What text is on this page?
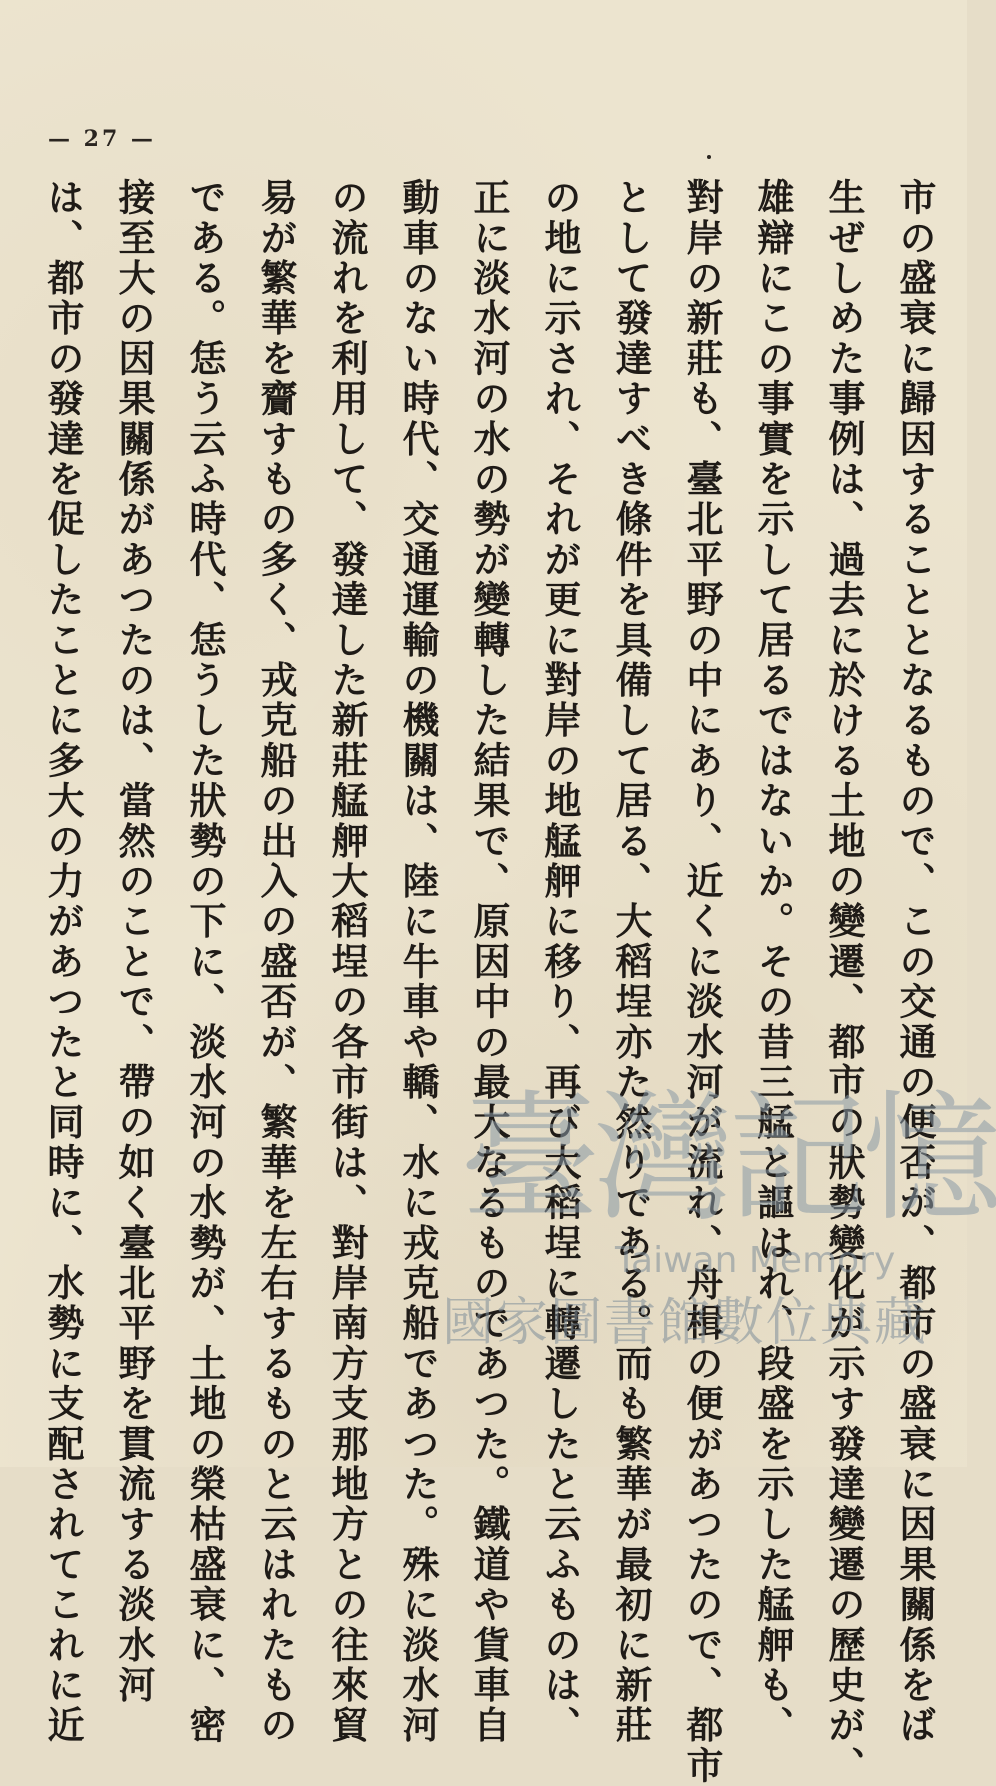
— 27 —
市の盛衰に歸因することとなるもので、この交通の便否が、都市の盛衰に因果關係をば
生ぜしめた事例は、過去に於ける土地の變遷、都市の狀勢變化が示す發達變遷の歷史が、
雄辯にこの事實を示して居るではないか。その昔三艋と謳はれ、段盛を示した艋舺も、
對岸の新莊も、臺北平野の中にあり、近くに淡水河が流れ、舟楫の便があつたので、都市
として發達すべき條件を具備して居る、大稻埕亦た然りである。而も繁華が最初に新莊
の地に示され、それが更に對岸の地艋舺に移り、再び大稻埕に轉遷したと云ふものは、
正に淡水河の水の勢が變轉した結果で、原因中の最大なるものであつた。鐵道や貨車自
動車のない時代、交通運輸の機關は、陸に牛車や轎、水に戎克船であつた。殊に淡水河
の流れを利用して、發達した新莊艋舺大稻埕の各市街は、對岸南方支那地方との往來貿
易が繁華を齎すもの多く、戎克船の出入の盛否が、繁華を左右するものと云はれたもの
である。恁う云ふ時代、恁うした狀勢の下に、淡水河の水勢が、土地の榮枯盛衰に、密
接至大の因果關係があつたのは、當然のことで、帶の如く臺北平野を貫流する淡水河
は、都市の發達を促したことに多大の力があつたと同時に、水勢に支配されてこれに近	臺灣記憶
Taiwan Memory
國家圖書館數位典藏
